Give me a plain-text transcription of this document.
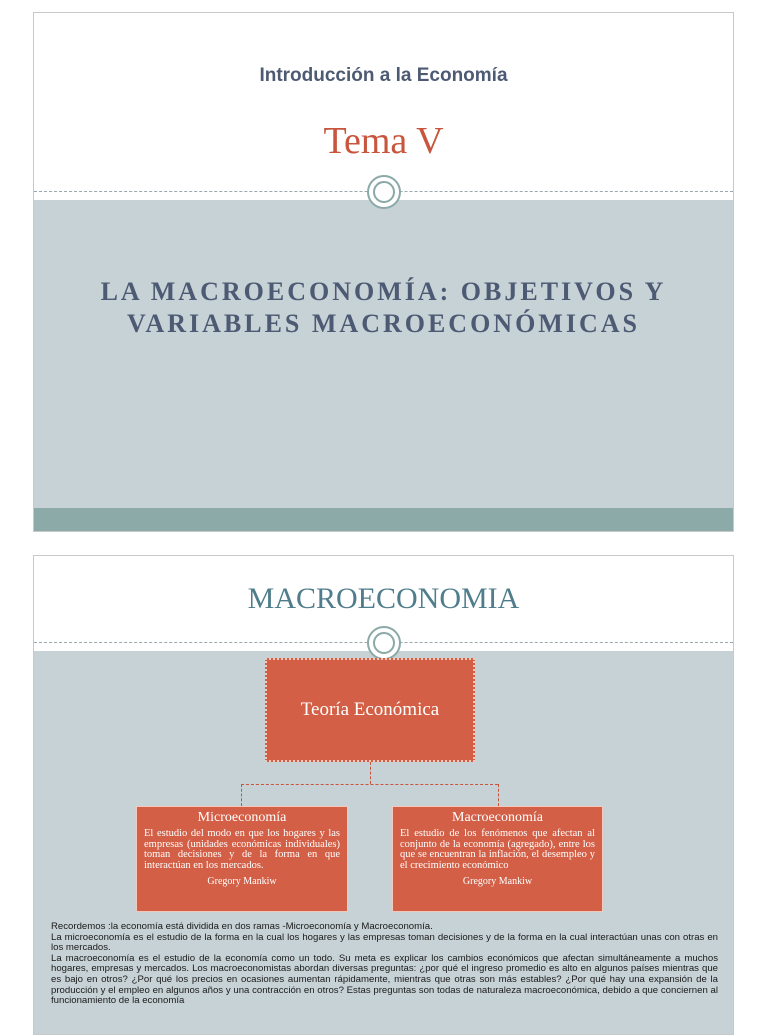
Introducción a la Economía
Tema V
LA MACROECONOMÍA: OBJETIVOS Y
VARIABLES MACROECONÓMICAS
MACROECONOMIA
Teoría Económica
Microeconomía
El estudio del modo en que los hogares y las empresas (unidades económicas individuales) toman decisiones y de la forma en que interactúan en los mercados.
Gregory Mankiw
Macroeconomía
El estudio de los fenómenos que afectan al conjunto de la economía (agregado), entre los que se encuentran la inflación, el desempleo y el crecimiento económico
Gregory Mankiw

Recordemos :la economía está dividida en dos ramas -Microeconomía y Macroeconomía.

La microeconomía es el estudio de la forma en la cual los hogares y las empresas toman decisiones y de la forma en la cual interactúan unas con otras en los mercados.

La macroeconomía es el estudio de la economía como un todo. Su meta es explicar los cambios económicos que afectan simultáneamente a muchos hogares, empresas y mercados. Los macroeconomistas abordan diversas preguntas: ¿por qué el ingreso promedio es alto en algunos países mientras que es bajo en otros? ¿Por qué los precios en ocasiones aumentan rápidamente, mientras que otras son más estables? ¿Por qué hay una expansión de la producción y el empleo en algunos años y una contracción en otros? Estas preguntas son todas de naturaleza macroeconómica, debido a que conciernen al funcionamiento de la economía
